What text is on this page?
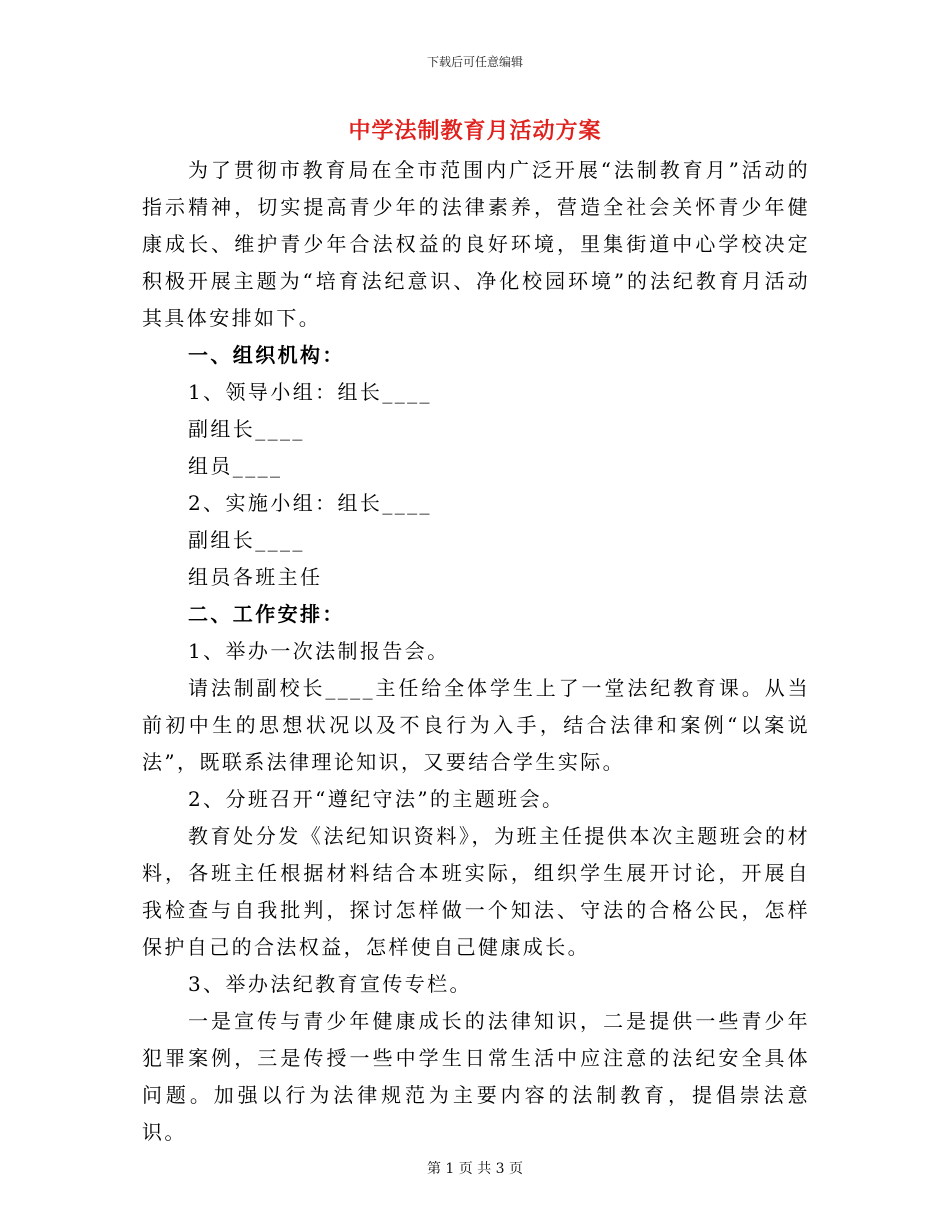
下载后可任意编辑
中学法制教育月活动方案

为了贯彻市教育局在全市范围内广泛开展“法制教育月”活动的指示精神，切实提高青少年的法律素养，营造全社会关怀青少年健康成长、维护青少年合法权益的良好环境，里集街道中心学校决定积极开展主题为“培育法纪意识、净化校园环境”的法纪教育月活动其具体安排如下。

一、组织机构：

1、领导小组：组长____

副组长____

组员____

2、实施小组：组长____

副组长____

组员各班主任

二、工作安排：

1、举办一次法制报告会。

请法制副校长____主任给全体学生上了一堂法纪教育课。从当前初中生的思想状况以及不良行为入手，结合法律和案例“以案说法”，既联系法律理论知识，又要结合学生实际。

2、分班召开“遵纪守法”的主题班会。

教育处分发《法纪知识资料》，为班主任提供本次主题班会的材料，各班主任根据材料结合本班实际，组织学生展开讨论，开展自我检查与自我批判，探讨怎样做一个知法、守法的合格公民，怎样保护自己的合法权益，怎样使自己健康成长。

3、举办法纪教育宣传专栏。

一是宣传与青少年健康成长的法律知识，二是提供一些青少年犯罪案例，三是传授一些中学生日常生活中应注意的法纪安全具体问题。加强以行为法律规范为主要内容的法制教育，提倡崇法意识。

第 1 页 共 3 页
